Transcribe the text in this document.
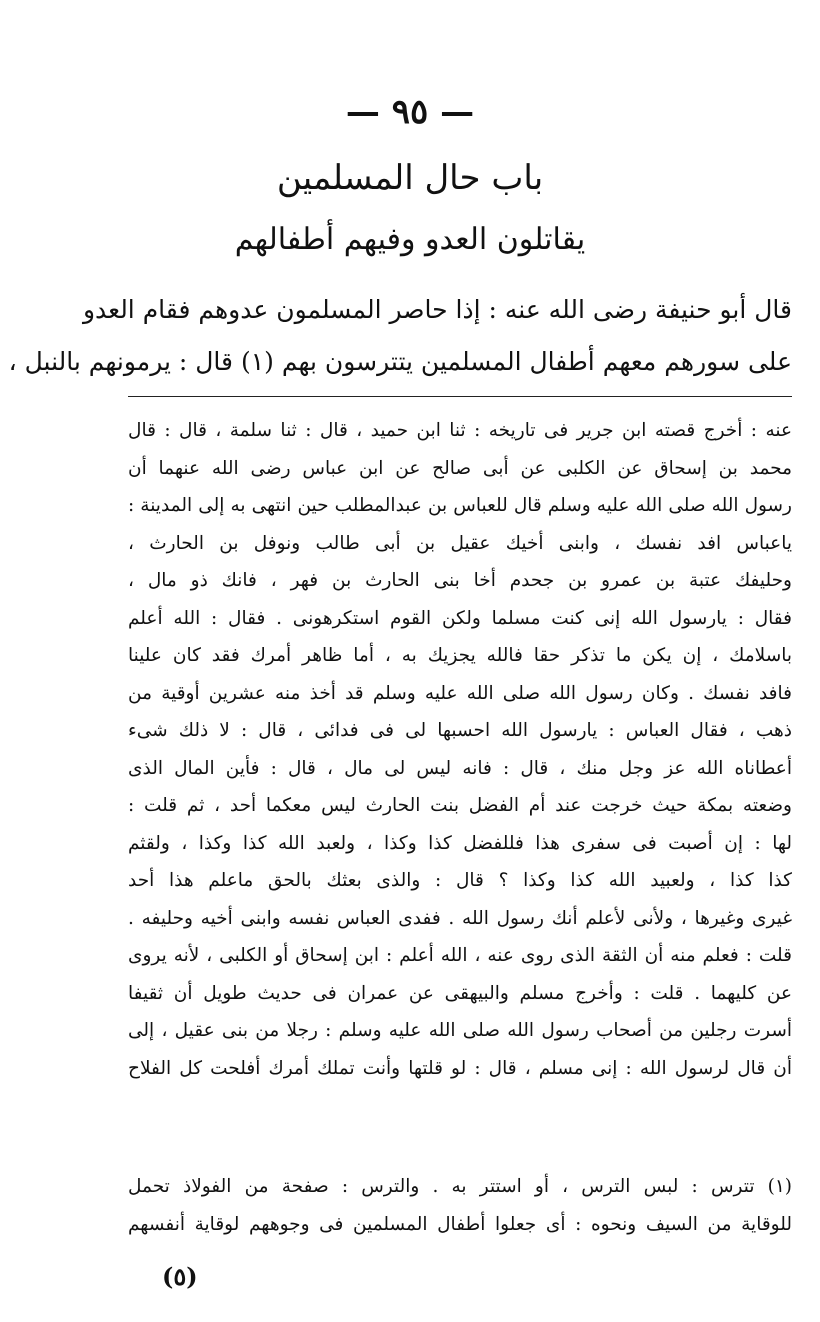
— ٩٥ —
باب حال المسلمين
يقاتلون العدو وفيهم أطفالهم
قال أبو حنيفة رضى الله عنه : إذا حاصر المسلمون عدوهم فقام العدو
على سورهم معهم أطفال المسلمين يتترسون بهم (١) قال : يرمونهم بالنبل ،
عنه : أخرج قصته ابن جرير فى تاريخه : ثنا ابن حميد ، قال : ثنا سلمة ، قال : قال
محمد بن إسحاق عن الكلبى عن أبى صالح عن ابن عباس رضى الله عنهما أن
رسول الله صلى الله عليه وسلم قال للعباس بن عبدالمطلب حين انتهى به إلى المدينة :
ياعباس افد نفسك ، وابنى أخيك عقيل بن أبى طالب ونوفل بن الحارث ،
وحليفك عتبة بن عمرو بن جحدم أخا بنى الحارث بن فهر ، فانك ذو مال ،
فقال : يارسول الله إنى كنت مسلما ولكن القوم استكرهونى . فقال : الله أعلم
باسلامك ، إن يكن ما تذكر حقا فالله يجزيك به ، أما ظاهر أمرك فقد كان علينا
فافد نفسك . وكان رسول الله صلى الله عليه وسلم قد أخذ منه عشرين أوقية من
ذهب ، فقال العباس : يارسول الله احسبها لى فى فدائى ، قال : لا ذلك شىء
أعطاناه الله عز وجل منك ، قال : فانه ليس لى مال ، قال : فأين المال الذى
وضعته بمكة حيث خرجت عند أم الفضل بنت الحارث ليس معكما أحد ، ثم قلت :
لها : إن أصبت فى سفرى هذا فللفضل كذا وكذا ، ولعبد الله كذا وكذا ، ولقثم
كذا كذا ، ولعبيد الله كذا وكذا ؟ قال : والذى بعثك بالحق ماعلم هذا أحد
غيرى وغيرها ، ولأنى لأعلم أنك رسول الله . ففدى العباس نفسه وابنى أخيه وحليفه .
قلت : فعلم منه أن الثقة الذى روى عنه ، الله أعلم : ابن إسحاق أو الكلبى ، لأنه يروى
عن كليهما . قلت : وأخرج مسلم والبيهقى عن عمران فى حديث طويل أن ثقيفا
أسرت رجلين من أصحاب رسول الله صلى الله عليه وسلم : رجلا من بنى عقيل ، إلى
أن قال لرسول الله : إنى مسلم ، قال : لو قلتها وأنت تملك أمرك أفلحت كل الفلاح
(١) تترس : لبس الترس ، أو استتر به . والترس : صفحة من الفولاذ تحمل
للوقاية من السيف ونحوه : أى جعلوا أطفال المسلمين فى وجوههم لوقاية أنفسهم
(٥)
